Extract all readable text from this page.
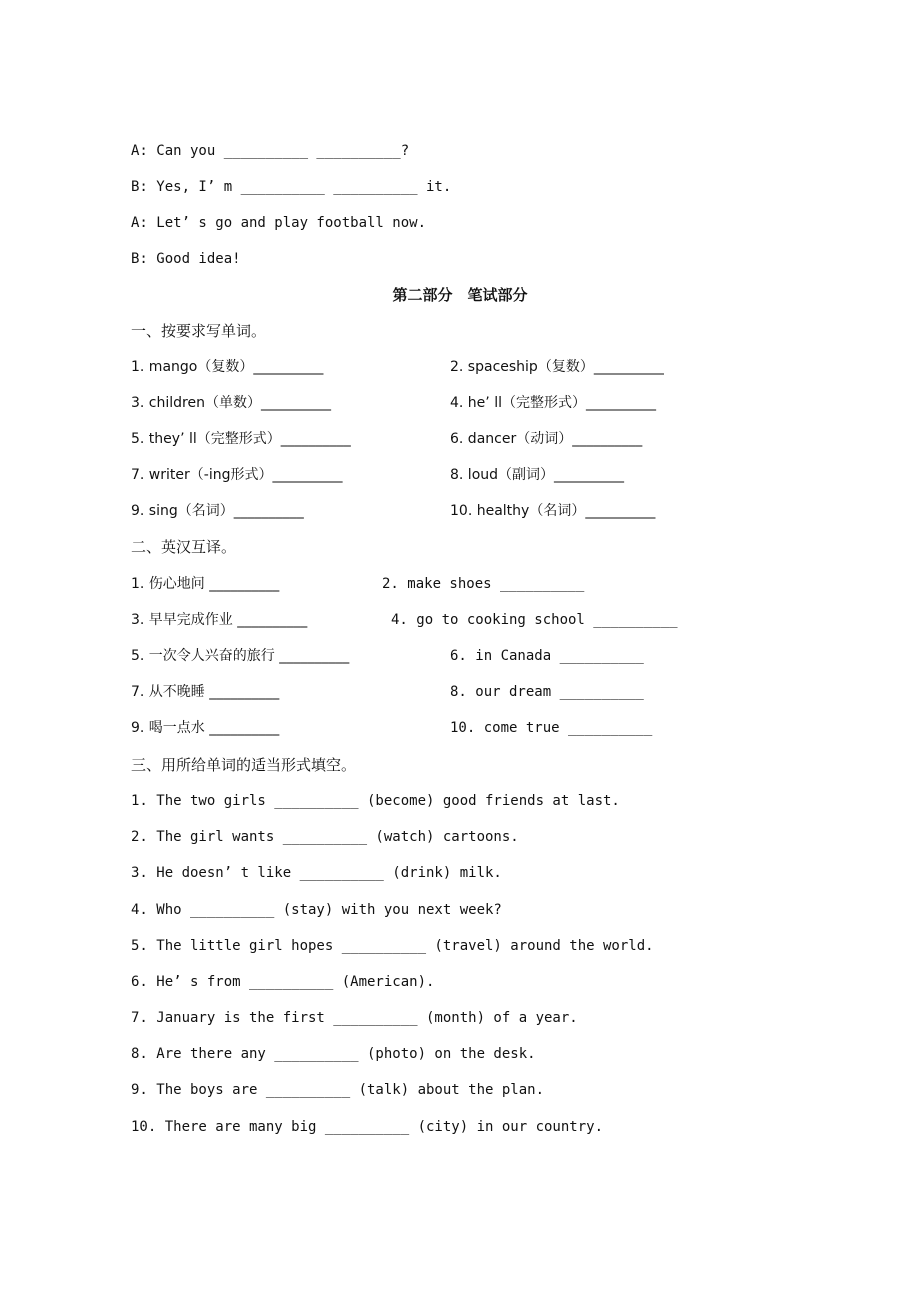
A: Can you __________ __________?
B: Yes, I’ m __________ __________ it.
A: Let’ s go and play football now.
B: Good idea!
第二部分　笔试部分
一、按要求写单词。
1. mango（复数）__________	2. spaceship（复数）__________
3. children（单数）__________	4. he’ ll（完整形式）__________
5. they’ ll（完整形式）__________	6. dancer（动词）__________
7. writer（-ing形式）__________	8. loud（副词）__________
9. sing（名词）__________	10. healthy（名词）__________
二、英汉互译。
1. 伤心地问 __________	2. make shoes __________
3. 早早完成作业 __________	4. go to cooking school __________
5. 一次令人兴奋的旅行 __________	6. in Canada __________
7. 从不晚睡 __________	8. our dream __________
9. 喝一点水 __________	10. come true __________
三、用所给单词的适当形式填空。
1. The two girls __________ (become) good friends at last.
2. The girl wants __________ (watch) cartoons.
3. He doesn’ t like __________ (drink) milk.
4. Who __________ (stay) with you next week?
5. The little girl hopes __________ (travel) around the world.
6. He’ s from __________ (American).
7. January is the first __________ (month) of a year.
8. Are there any __________ (photo) on the desk.
9. The boys are __________ (talk) about the plan.
10. There are many big __________ (city) in our country.
